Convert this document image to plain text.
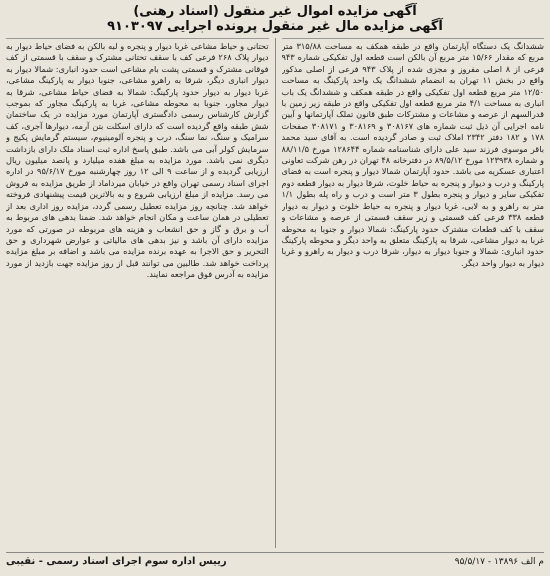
آگهی مزایده اموال غیر منقول (اسناد رهنی)
آگهی مزایده مال غیر منقول پرونده اجرایی ۹۱۰۳۰۹۷
ششدانگ یک دستگاه آپارتمان واقع در طبقه همکف به مساحت ۳۱۵/۸۸ متر مربع که مقدار ۱۵/۶۶ متر مربع آن بالکن است قطعه اول تفکیکی شماره ۹۴۳ فرعی از ۸ اصلی مفروز و مجزی شده از پلاک ۹۴۳ فرعی از اصلی مذکور واقع در بخش ۱۱ تهران به انضمام ششدانگ یک واحد پارکینگ به مساحت ۱۲/۵۰ متر مربع قطعه اول تفکیکی واقع در طبقه همکف و ششدانگ یک باب انباری به مساحت ۴/۱ متر مربع قطعه اول تفکیکی واقع در طبقه زیر زمین با قدرالسهم از عرصه و مشاعات و مشترکات طبق قانون تملک آپارتمانها و آیین نامه اجرایی آن ذیل ثبت شماره های ۳۰۸۱۶۷ و ۳۰۸۱۶۹ و ۳۰۸۱۷۱ صفحات ۱۷۸ و ۱۸۲ دفتر ۲۳۴۲ املاک ثبت و صادر گردیده است. به آقای سید محمد باقر موسوی فرزند سید علی دارای شناسنامه شماره ۱۲۸۶۴۴ مورخ ۸۸/۱۱/۵ و شماره ۱۲۳۹۳۸ مورخ ۸۹/۵/۱۲ در دفترخانه ۴۸ تهران در رهن شرکت تعاونی اعتباری عسکریه می باشد. حدود آپارتمان شمالا دیوار و پنجره است به فضای پارکینگ و درب و دیوار و پنجره به حیاط خلوت، شرقا دیوار به دیوار قطعه دوم تفکیکی سایر و دیوار و پنجره بطول ۳ متر است و درب و راه پله بطول ۱/۱ متر به راهرو و به لابی، غربا دیوار و پنجره به حیاط خلوت و دیوار به دیوار قطعه ۳۳۸ فرعی کف قسمتی و زیر سقف قسمتی از عرصه و مشاعات و سقف با کف قطعات مشترک حدود پارکینگ: شمالا دیوار و جنوبا به محوطه غربا به دیوار مشاعی، شرقا به پارکینگ متعلق به واحد دیگر و محوطه پارکینگ حدود انباری: شمالا و جنوبا دیوار به دیوار، شرقا درب و دیوار به راهرو و غربا دیوار به دیوار واحد دیگر.
تحتانی و حیاط مشاعی غربا دیوار و پنجره و لبه بالکن به فضای حیاط دیوار به دیوار پلاک ۲۶۸ فرعی کف با سقف تحتانی مشترک و سقف با قسمتی از کف فوقانی مشترک و قسمتی پشت بام مشاعی است حدود انباری: شمالا دیوار به دیوار انباری دیگر، شرقا به راهرو مشاعی، جنوبا دیوار به پارکینگ مشاعی، غربا دیوار به دیوار حدود پارکینگ: شمالا به فضای حیاط مشاعی، شرقا به دیوار مجاور، جنوبا به محوطه مشاعی، غربا به پارکینگ مجاور که بموجب گزارش کارشناس رسمی دادگستری آپارتمان مورد مزایده در یک ساختمان شش طبقه واقع گردیده است که دارای اسکلت بتن آرمه، دیوارها آجری، کف سرامیک و سنگ، نما سنگ، درب و پنجره آلومینیوم، سیستم گرمایش پکیج و سرمایش کولر آبی می باشد. طبق پاسخ اداره ثبت اسناد ملک دارای بازداشت دیگری نمی باشد. مورد مزایده به مبلغ هفده میلیارد و پانصد میلیون ریال ارزیابی گردیده و از ساعت ۹ الی ۱۲ روز چهارشنبه مورخ ۹۵/۶/۱۷ در اداره اجرای اسناد رسمی تهران واقع در خیابان میرداماد از طریق مزایده به فروش می رسد. مزایده از مبلغ ارزیابی شروع و به بالاترین قیمت پیشنهادی فروخته خواهد شد. چنانچه روز مزایده تعطیل رسمی گردد، مزایده روز اداری بعد از تعطیلی در همان ساعت و مکان انجام خواهد شد. ضمنا بدهی های مربوط به آب و برق و گاز و حق انشعاب و هزینه های مربوطه در صورتی که مورد مزایده دارای آن باشد و نیز بدهی های مالیاتی و عوارض شهرداری و حق التحریر و حق الاجرا به عهده برنده مزایده می باشد و اضافه بر مبلغ مزایده پرداخت خواهد شد. طالبین می توانند قبل از روز مزایده جهت بازدید از مورد مزایده به آدرس فوق مراجعه نمایند.
م الف ۱۳۸۹۶ - ۹۵/۵/۱۷
رییس اداره سوم اجرای اسناد رسمی - نقیبی
